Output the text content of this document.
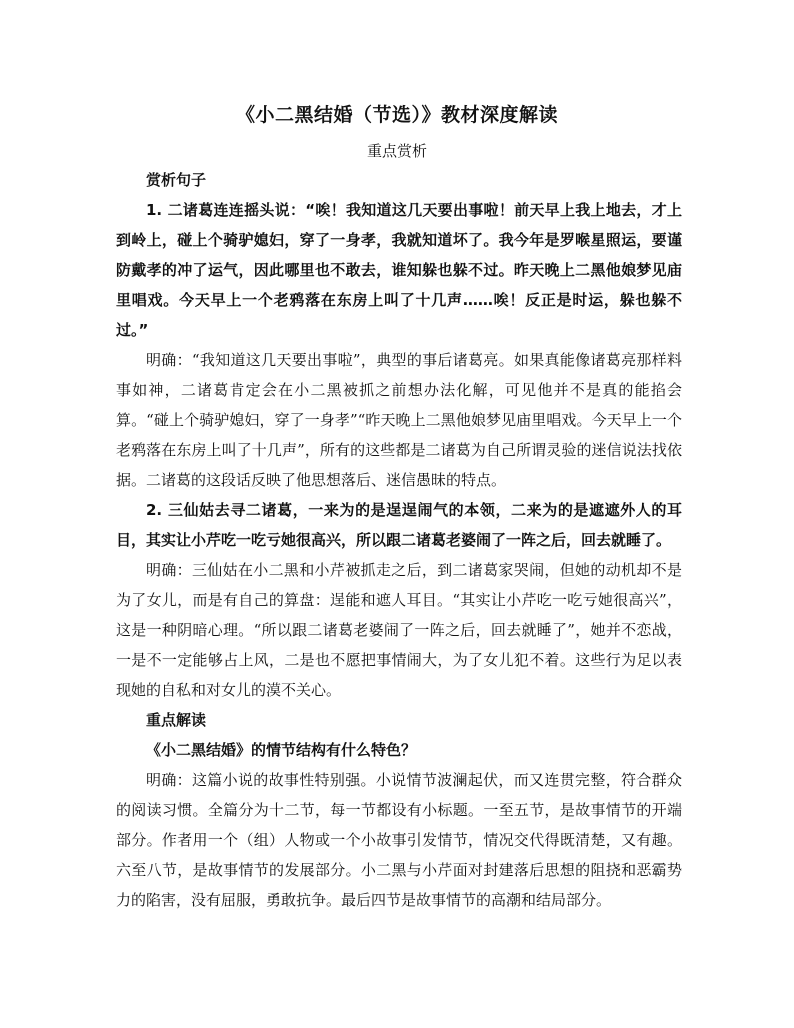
《小二黑结婚（节选）》教材深度解读
重点赏析

赏析句子

1. 二诸葛连连摇头说：“唉！我知道这几天要出事啦！前天早上我上地去，才上到岭上，碰上个骑驴媳妇，穿了一身孝，我就知道坏了。我今年是罗喉星照运，要谨防戴孝的冲了运气，因此哪里也不敢去，谁知躲也躲不过。昨天晚上二黑他娘梦见庙里唱戏。今天早上一个老鸦落在东房上叫了十几声……唉！反正是时运，躲也躲不过。”

明确：“我知道这几天要出事啦”，典型的事后诸葛亮。如果真能像诸葛亮那样料事如神，二诸葛肯定会在小二黑被抓之前想办法化解，可见他并不是真的能掐会算。“碰上个骑驴媳妇，穿了一身孝”“昨天晚上二黑他娘梦见庙里唱戏。今天早上一个老鸦落在东房上叫了十几声”，所有的这些都是二诸葛为自己所谓灵验的迷信说法找依据。二诸葛的这段话反映了他思想落后、迷信愚昧的特点。

2. 三仙姑去寻二诸葛，一来为的是逞逞闹气的本领，二来为的是遮遮外人的耳目，其实让小芹吃一吃亏她很高兴，所以跟二诸葛老婆闹了一阵之后，回去就睡了。

明确：三仙姑在小二黑和小芹被抓走之后，到二诸葛家哭闹，但她的动机却不是为了女儿，而是有自己的算盘：逞能和遮人耳目。“其实让小芹吃一吃亏她很高兴”，这是一种阴暗心理。“所以跟二诸葛老婆闹了一阵之后，回去就睡了”，她并不恋战，一是不一定能够占上风，二是也不愿把事情闹大，为了女儿犯不着。这些行为足以表现她的自私和对女儿的漠不关心。

重点解读

《小二黑结婚》的情节结构有什么特色？

明确：这篇小说的故事性特别强。小说情节波澜起伏，而又连贯完整，符合群众的阅读习惯。全篇分为十二节，每一节都设有小标题。一至五节，是故事情节的开端部分。作者用一个（组）人物或一个小故事引发情节，情况交代得既清楚，又有趣。六至八节，是故事情节的发展部分。小二黑与小芹面对封建落后思想的阻挠和恶霸势力的陷害，没有屈服，勇敢抗争。最后四节是故事情节的高潮和结局部分。
